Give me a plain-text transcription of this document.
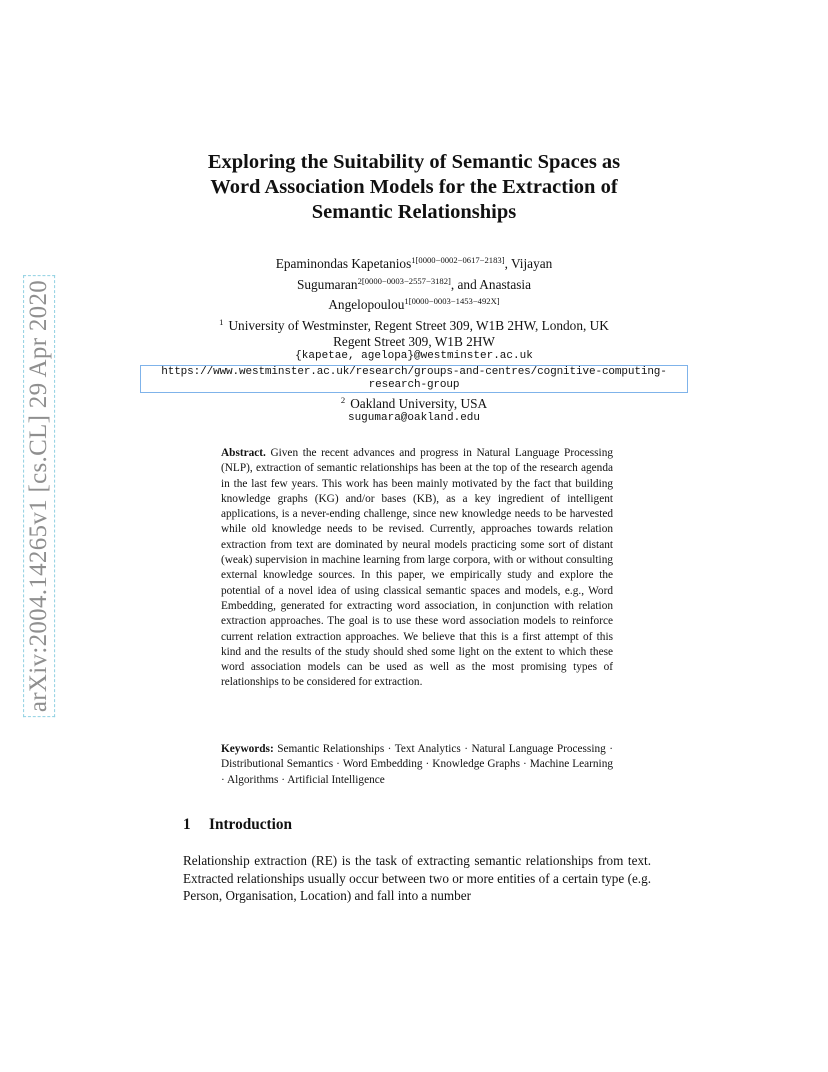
arXiv:2004.14265v1 [cs.CL] 29 Apr 2020
Exploring the Suitability of Semantic Spaces as
Word Association Models for the Extraction of
Semantic Relationships
Epaminondas Kapetanios$^{1[0000-0002-0617-2183]}$, Vijayan
Sugumaran$^{2[0000-0003-2557-3182]}$, and Anastasia
Angelopoulou$^{1[0000-0003-1453-492X]}$
$^1$ University of Westminster, Regent Street 309, W1B 2HW, London, UK
Regent Street 309, W1B 2HW
{kapetae, agelopa}@westminster.ac.uk
https://www.westminster.ac.uk/research/groups-and-centres/cognitive-computing-research-group
$^2$ Oakland University, USA
sugumara@oakland.edu
Abstract. Given the recent advances and progress in Natural Language Processing (NLP), extraction of semantic relationships has been at the top of the research agenda in the last few years. This work has been mainly motivated by the fact that building knowledge graphs (KG) and/or bases (KB), as a key ingredient of intelligent applications, is a never-ending challenge, since new knowledge needs to be harvested while old knowledge needs to be revised. Currently, approaches towards relation extraction from text are dominated by neural models practicing some sort of distant (weak) supervision in machine learning from large corpora, with or without consulting external knowledge sources. In this paper, we empirically study and explore the potential of a novel idea of using classical semantic spaces and models, e.g., Word Embedding, generated for extracting word association, in conjunction with relation extraction approaches. The goal is to use these word association models to reinforce current relation extraction approaches. We believe that this is a first attempt of this kind and the results of the study should shed some light on the extent to which these word association models can be used as well as the most promising types of relationships to be considered for extraction.
Keywords: Semantic Relationships · Text Analytics · Natural Language Processing · Distributional Semantics · Word Embedding · Knowledge Graphs · Machine Learning · Algorithms · Artificial Intelligence
1 Introduction
Relationship extraction (RE) is the task of extracting semantic relationships from text. Extracted relationships usually occur between two or more entities of a certain type (e.g. Person, Organisation, Location) and fall into a number
